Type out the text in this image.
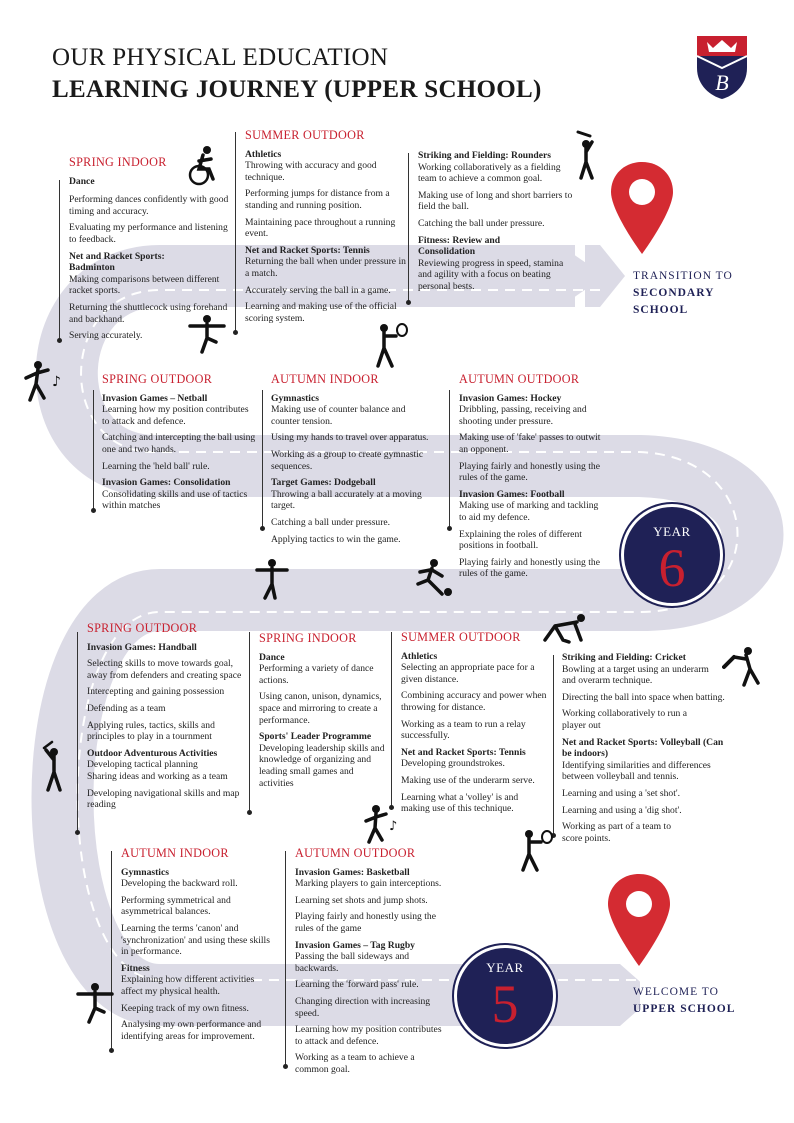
OUR PHYSICAL EDUCATION
LEARNING JOURNEY (UPPER SCHOOL)	B
TRANSITION TO
SECONDARY
SCHOOL
WELCOME TO
UPPER SCHOOL
YEAR
6
YEAR
5
SPRING INDOOR
Dance
Performing dances confidently with good timing and accuracy.
Evaluating my performance and listening to feedback.
Net and Racket Sports: Badminton
Making comparisons between different racket sports.
Returning the shuttlecock using forehand and backhand.
Serving accurately.
SUMMER OUTDOOR
Athletics
Throwing with accuracy and good technique.
Performing jumps for distance from a standing and running position.
Maintaining pace throughout a running event.
Net and Racket Sports: Tennis
Returning the ball when under pressure in a match.
Accurately serving the ball in a game.
Learning and making use of the official scoring system.
Striking and Fielding: Rounders
Working collaboratively as a fielding team to achieve a common goal.
Making use of long and short barriers to field the ball.
Catching the ball under pressure.
Fitness: Review and Consolidation
Reviewing progress in speed, stamina and agility with a focus on beating personal bests.
SPRING OUTDOOR
Invasion Games – Netball
Learning how my position contributes to attack and defence.
Catching and intercepting the ball using one and two hands.
Learning the 'held ball' rule.
Invasion Games: Consolidation
Consolidating skills and use of tactics within matches
AUTUMN INDOOR
Gymnastics
Making use of counter balance and counter tension.
Using my hands to travel over apparatus.
Working as a group to create gymnastic sequences.
Target Games: Dodgeball
Throwing a ball accurately at a moving target.
Catching a ball under pressure.
Applying tactics to win the game.
AUTUMN OUTDOOR
Invasion Games: Hockey
Dribbling, passing, receiving and shooting under pressure.
Making use of 'fake' passes to outwit an opponent.
Playing fairly and honestly using the rules of the game.
Invasion Games: Football
Making use of marking and tackling to aid my defence.
Explaining the roles of different positions in football.
Playing fairly and honestly using the rules of the game.
SPRING OUTDOOR
Invasion Games: Handball
Selecting skills to move towards goal, away from defenders and creating space
Intercepting and gaining possession
Defending as a team
Applying rules, tactics, skills and principles to play in a tournment
Outdoor Adventurous Activities
Developing tactical planning
Sharing ideas and working as a team
Developing navigational skills and map reading
SPRING INDOOR
Dance
Performing a variety of dance actions.
Using canon, unison, dynamics, space and mirroring to create a performance.
Sports' Leader Programme
Developing leadership skills and knowledge of organizing and leading small games and activities
SUMMER OUTDOOR
Athletics
Selecting an appropriate pace for a given distance.
Combining accuracy and power when throwing for distance.
Working as a team to run a relay successfully.
Net and Racket Sports: Tennis
Developing groundstrokes.
Making use of the underarm serve.
Learning what a 'volley' is and making use of this technique.
Striking and Fielding: Cricket
Bowling at a target using an underarm and overarm technique.
Directing the ball into space when batting.
Working collaboratively to run a player out
Net and Racket Sports: Volleyball (Can be indoors)
Identifying similarities and differences between volleyball and tennis.
Learning and using a 'set shot'.
Learning and using a 'dig shot'.
Working as part of a team to score points.
AUTUMN INDOOR
Gymnastics
Developing the backward roll.
Performing symmetrical and asymmetrical balances.
Learning the terms 'canon' and 'synchronization' and using these skills in performance.
Fitness
Explaining how different activities affect my physical health.
Keeping track of my own fitness.
Analysing my own performance and identifying areas for improvement.
AUTUMN OUTDOOR
Invasion Games: Basketball
Marking players to gain interceptions.
Learning set shots and jump shots.
Playing fairly and honestly using the rules of the game
Invasion Games – Tag Rugby
Passing the ball sideways and backwards.
Learning the 'forward pass' rule.
Changing direction with increasing speed.
Learning how my position contributes to attack and defence.
Working as a team to achieve a common goal.
♪
♪
